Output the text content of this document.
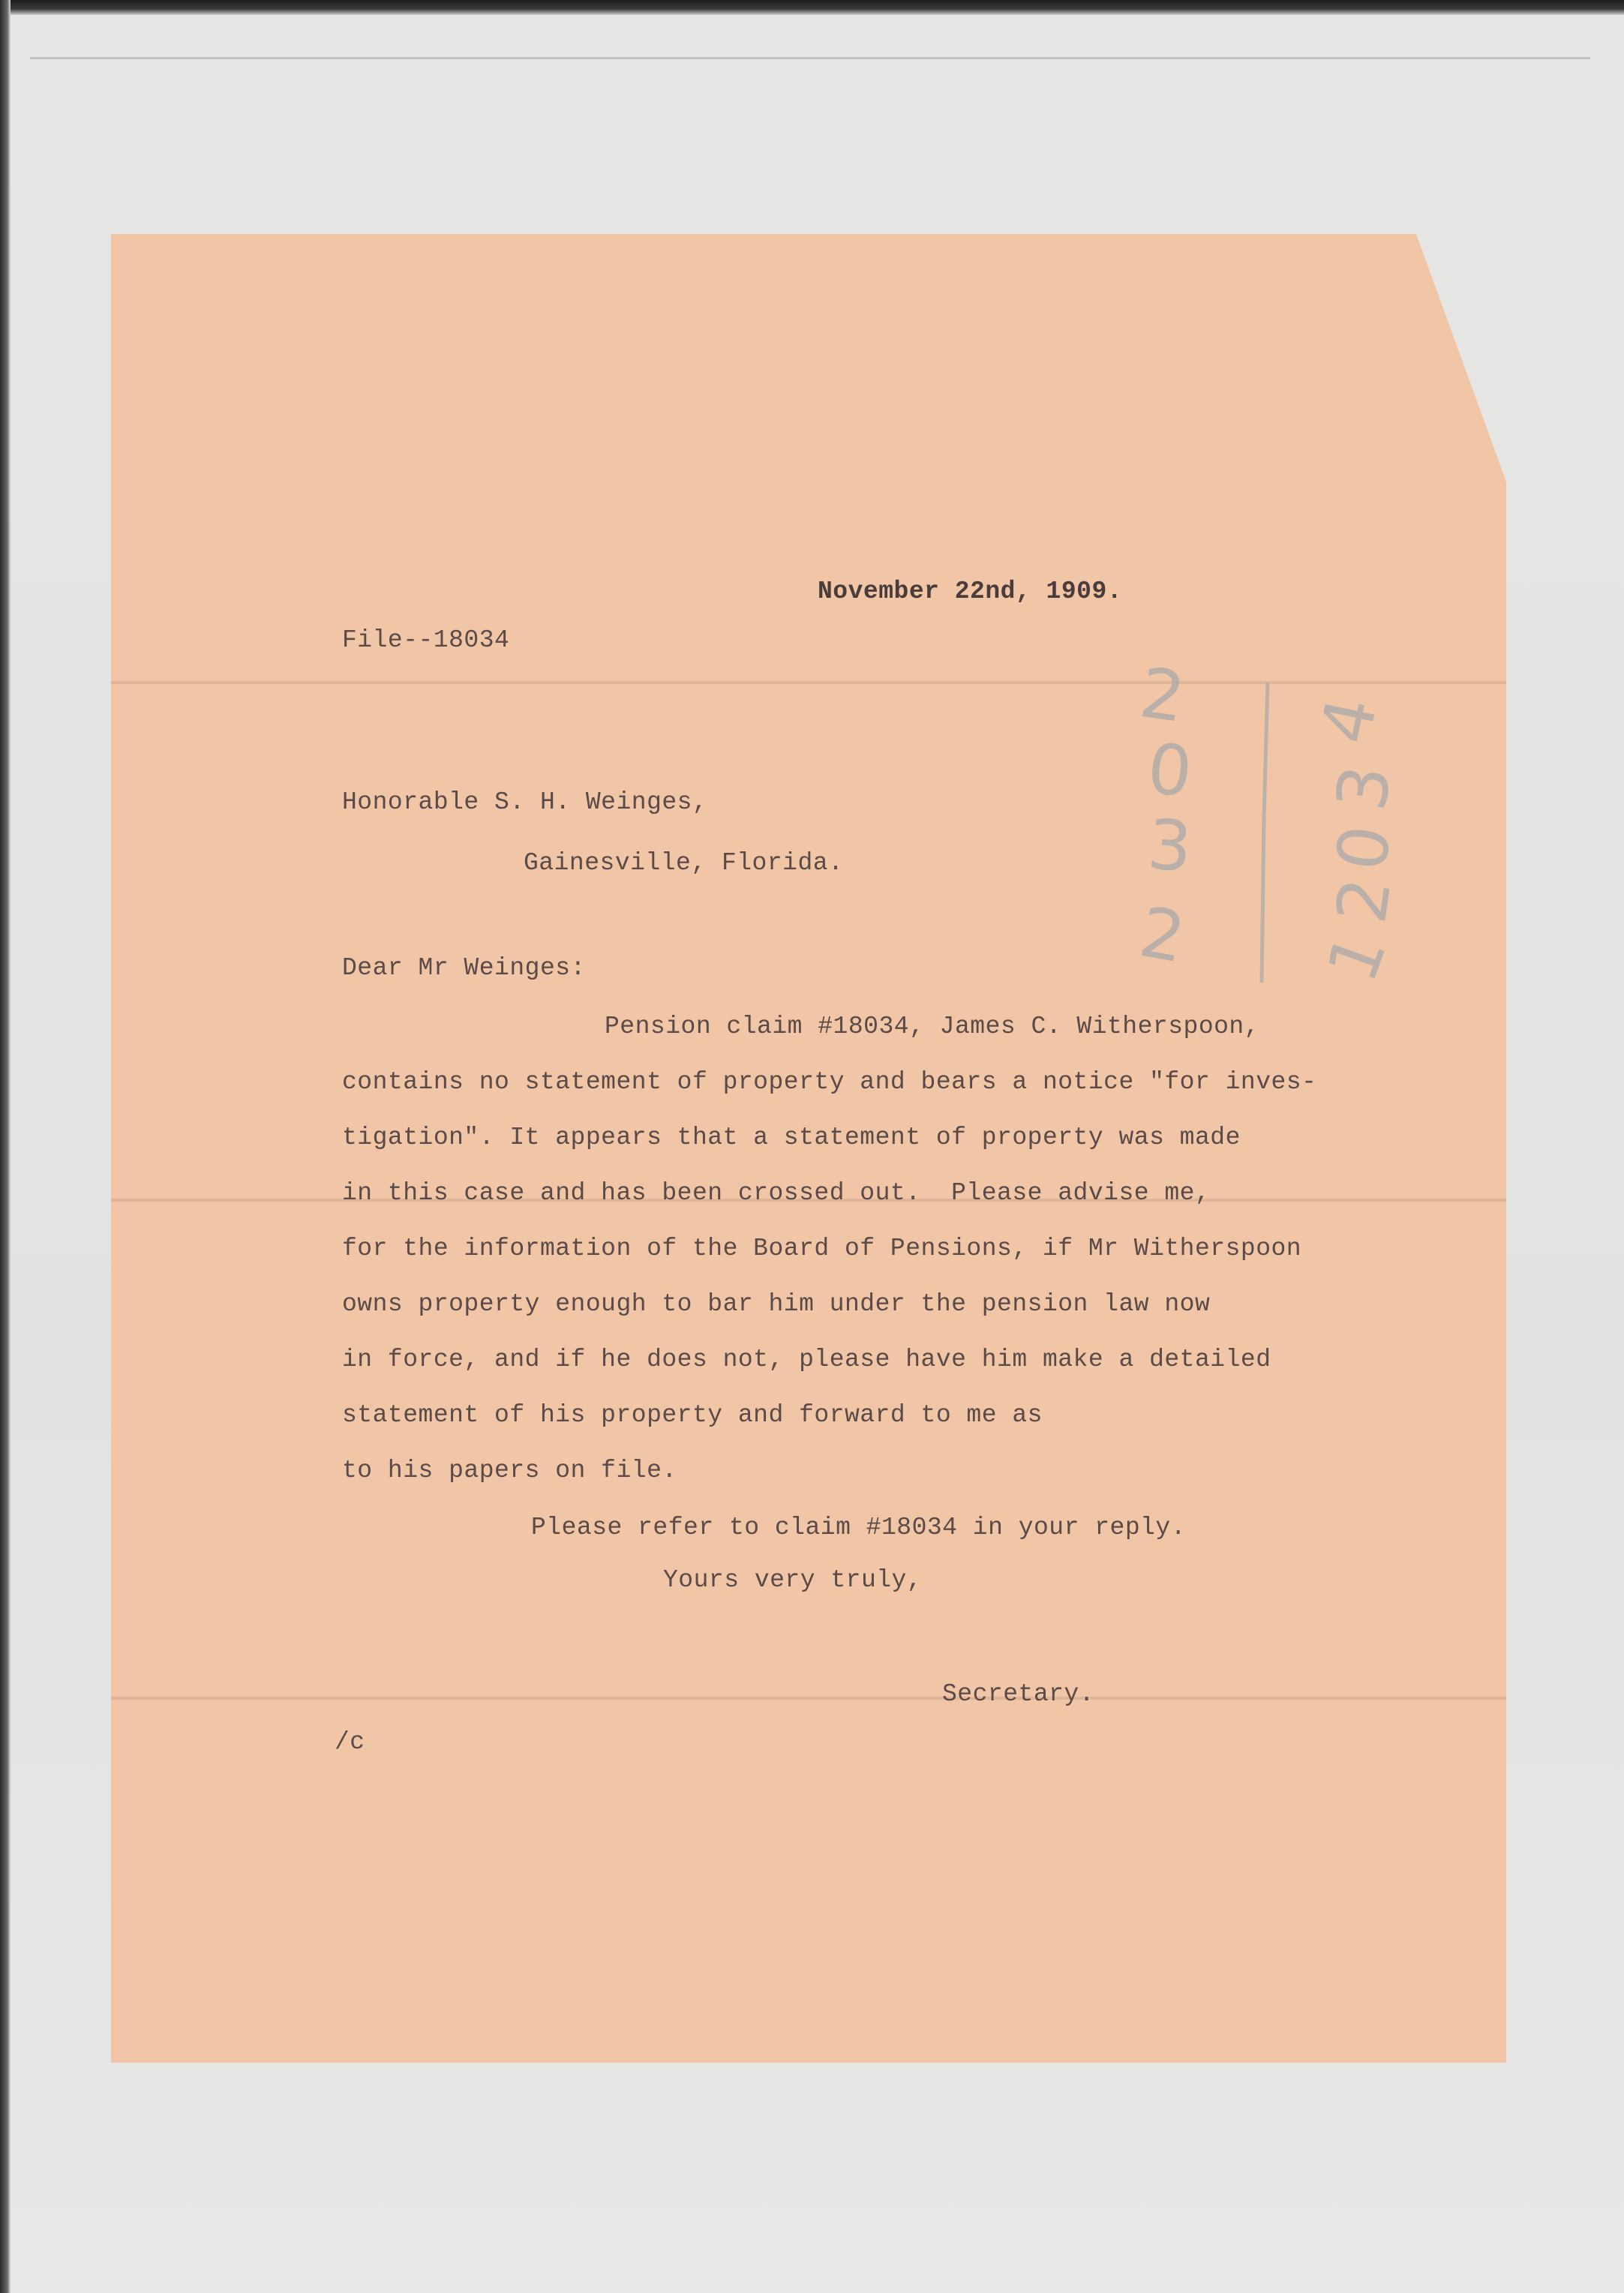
November 22nd, 1909.

File--18034

Honorable S. H. Weinges,

Gainesville, Florida.

Dear Mr Weinges:

Pension claim #18034, James C. Witherspoon,

contains no statement of property and bears a notice "for inves-

tigation". It appears that a statement of property was made

in this case and has been crossed out.  Please advise me,

for the information of the Board of Pensions, if Mr Witherspoon

owns property enough to bar him under the pension law now

in force, and if he does not, please have him make a detailed

statement of his property and forward to me as

to his papers on file.

Please refer to claim #18034 in your reply.

Yours very truly,

Secretary.

/c

2
0
3
2
4
3
0
2
1
